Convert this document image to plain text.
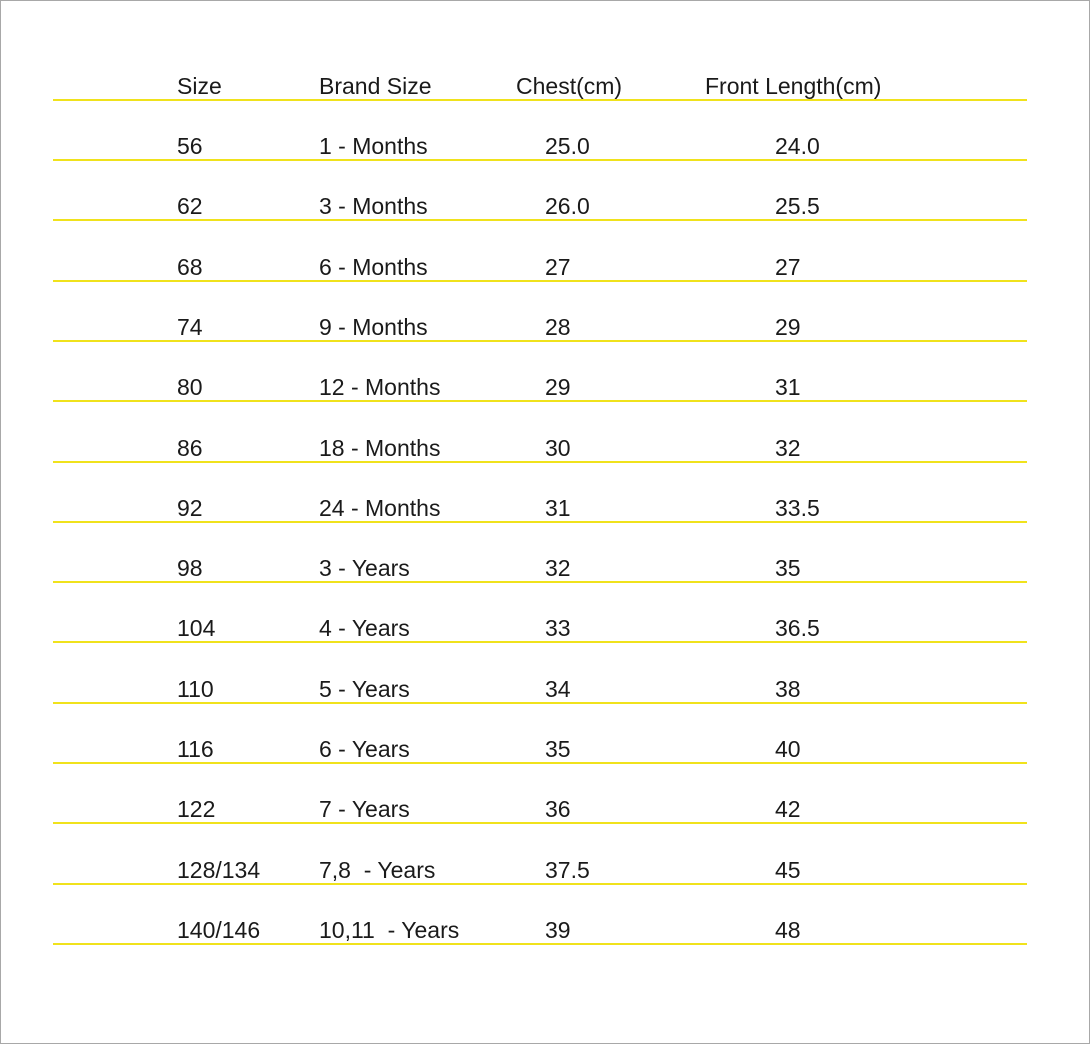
Size	Brand Size	Chest(cm)	Front Length(cm)
56	1 - Months	25.0	24.0
62	3 - Months	26.0	25.5
68	6 - Months	27	27
74	9 - Months	28	29
80	12 - Months	29	31
86	18 - Months	30	32
92	24 - Months	31	33.5
98	3 - Years	32	35
104	4 - Years	33	36.5
110	5 - Years	34	38
116	6 - Years	35	40
122	7 - Years	36	42
128/134	7,8  - Years	37.5	45
140/146	10,11  - Years	39	48
